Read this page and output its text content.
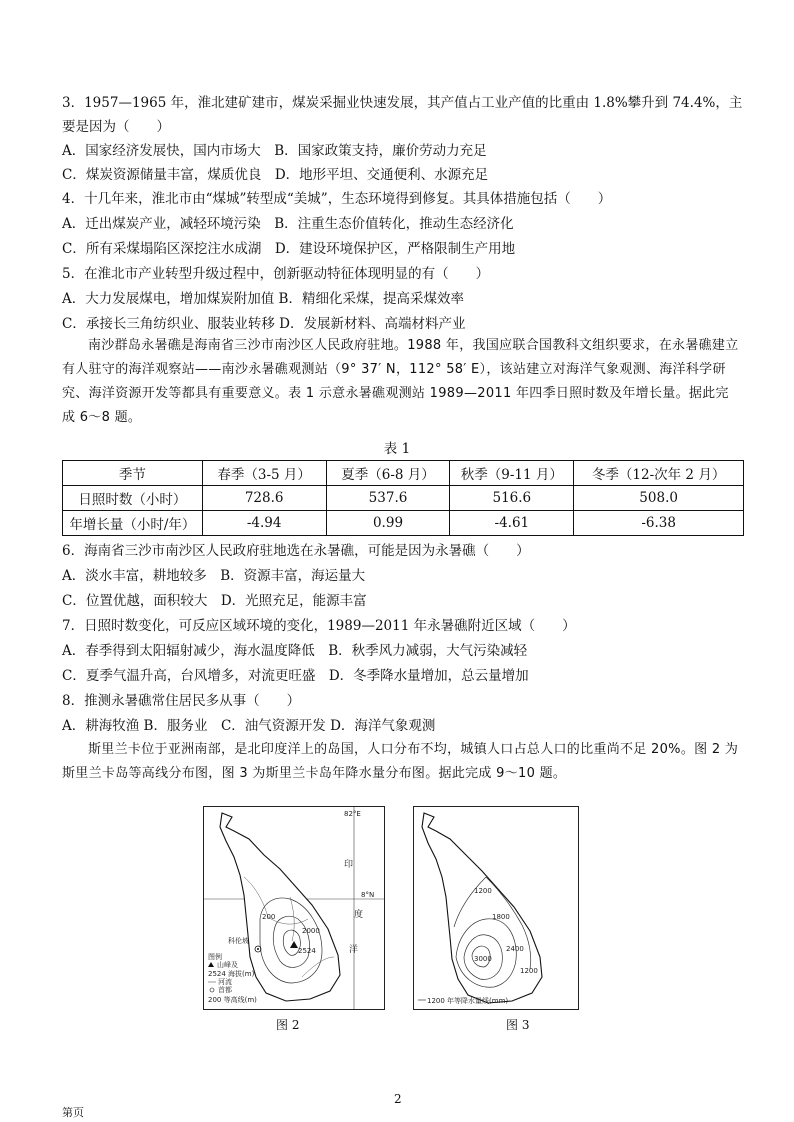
3．1957—1965 年，淮北建矿建市，煤炭采掘业快速发展，其产值占工业产值的比重由 1.8%攀升到 74.4%，主
要是因为（　　）
A．国家经济发展快，国内市场大　B．国家政策支持，廉价劳动力充足
C．煤炭资源储量丰富，煤质优良　D．地形平坦、交通便利、水源充足
4．十几年来，淮北市由“煤城”转型成“美城”，生态环境得到修复。其具体措施包括（　　）
A．迁出煤炭产业，减轻环境污染　B．注重生态价值转化，推动生态经济化
C．所有采煤塌陷区深挖注水成湖　D．建设环境保护区，严格限制生产用地
5．在淮北市产业转型升级过程中，创新驱动特征体现明显的有（　　）
A．大力发展煤电，增加煤炭附加值 B．精细化采煤，提高采煤效率
C．承接长三角纺织业、服装业转移 D．发展新材料、高端材料产业
南沙群岛永暑礁是海南省三沙市南沙区人民政府驻地。1988 年，我国应联合国教科文组织要求，在永暑礁建立有人驻守的海洋观察站——南沙永暑礁观测站（9° 37′ N，112° 58′ E），该站建立对海洋气象观测、海洋科学研究、海洋资源开发等都具有重要意义。表 1 示意永暑礁观测站 1989—2011 年四季日照时数及年增长量。据此完成 6～8 题。
表 1
季节	春季（3-5 月）	夏季（6-8 月）	秋季（9-11 月）	冬季（12-次年 2 月）
日照时数（小时）	728.6	537.6	516.6	508.0
年增长量（小时/年）	-4.94	0.99	-4.61	-6.38
6．海南省三沙市南沙区人民政府驻地选在永暑礁，可能是因为永暑礁（　　）
A．淡水丰富，耕地较多　B．资源丰富，海运量大
C．位置优越，面积较大　D．光照充足，能源丰富
7．日照时数变化，可反应区域环境的变化，1989—2011 年永暑礁附近区域（　　）
A．春季得到太阳辐射减少，海水温度降低　B．秋季风力减弱，大气污染减轻
C．夏季气温升高，台风增多，对流更旺盛　D．冬季降水量增加，总云量增加
8．推测永暑礁常住居民多从事（　　）
A．耕海牧渔 B．服务业　C．油气资源开发 D．海洋气象观测
斯里兰卡位于亚洲南部，是北印度洋上的岛国，人口分布不均，城镇人口占总人口的比重尚不足 20%。图 2 为斯里兰卡岛等高线分布图，图 3 为斯里兰卡岛年降水量分布图。据此完成 9～10 题。
82°E
8°N
印
度
洋
科伦坡
2524
200
2000
图例
山峰及
2524 海拔(m)
河流
首都
200 等高线(m)
图 2
1200
1800
2400
3000
1200
1200 年等降水量线(mm)
图 3
2
第页
